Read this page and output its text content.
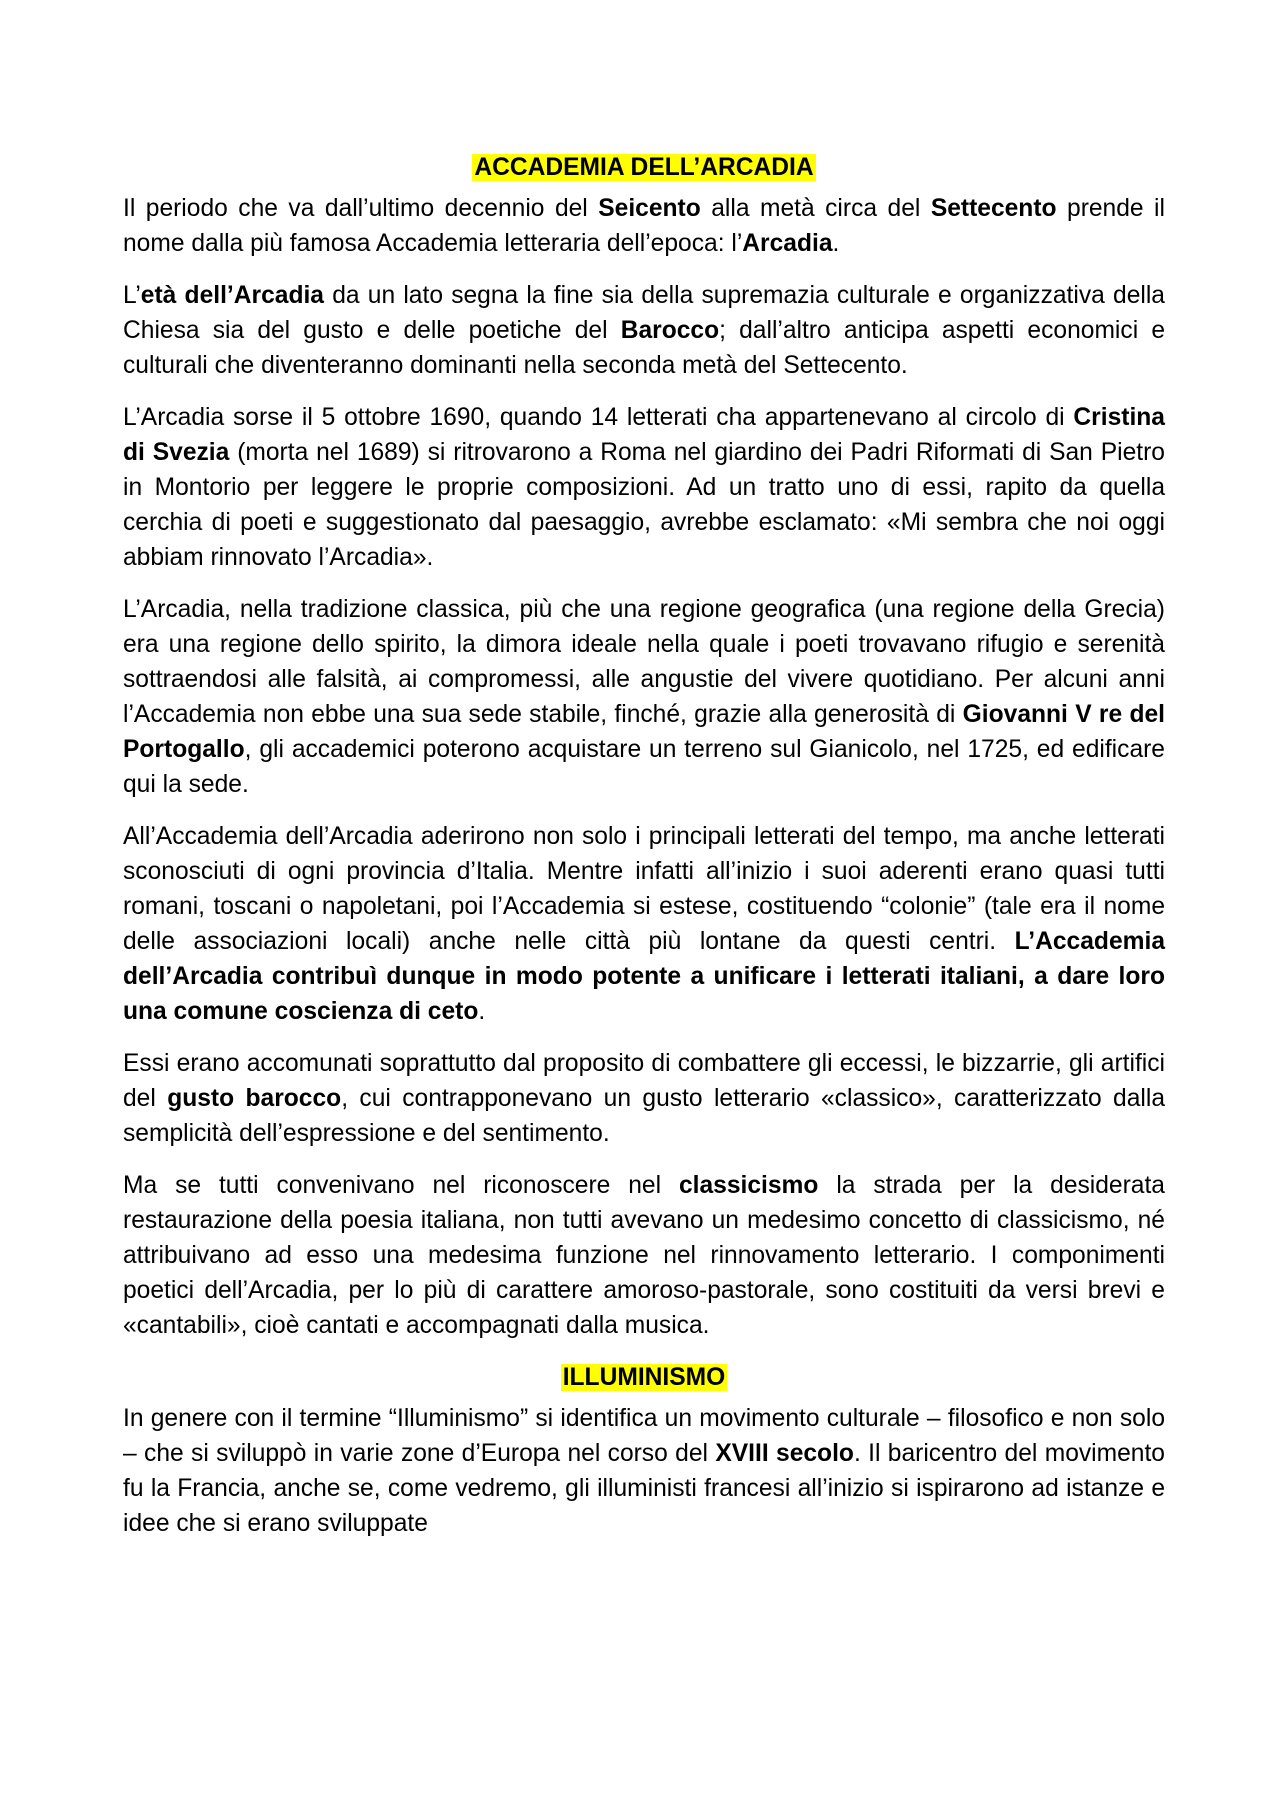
ACCADEMIA DELL’ARCADIA

Il periodo che va dall’ultimo decennio del Seicento alla metà circa del Settecento prende il nome dalla più famosa Accademia letteraria dell’epoca: l’Arcadia.

L’età dell’Arcadia da un lato segna la fine sia della supremazia culturale e organizzativa della Chiesa sia del gusto e delle poetiche del Barocco; dall’altro anticipa aspetti economici e culturali che diventeranno dominanti nella seconda metà del Settecento.

L’Arcadia sorse il 5 ottobre 1690, quando 14 letterati cha appartenevano al circolo di Cristina di Svezia (morta nel 1689) si ritrovarono a Roma nel giardino dei Padri Riformati di San Pietro in Montorio per leggere le proprie composizioni. Ad un tratto uno di essi, rapito da quella cerchia di poeti e suggestionato dal paesaggio, avrebbe esclamato: «Mi sembra che noi oggi abbiam rinnovato l’Arcadia».

L’Arcadia, nella tradizione classica, più che una regione geografica (una regione della Grecia) era una regione dello spirito, la dimora ideale nella quale i poeti trovavano rifugio e serenità sottraendosi alle falsità, ai compromessi, alle angustie del vivere quotidiano. Per alcuni anni l’Accademia non ebbe una sua sede stabile, finché, grazie alla generosità di Giovanni V re del Portogallo, gli accademici poterono acquistare un terreno sul Gianicolo, nel 1725, ed edificare qui la sede.

All’Accademia dell’Arcadia aderirono non solo i principali letterati del tempo, ma anche letterati sconosciuti di ogni provincia d’Italia. Mentre infatti all’inizio i suoi aderenti erano quasi tutti romani, toscani o napoletani, poi l’Accademia si estese, costituendo “colonie” (tale era il nome delle associazioni locali) anche nelle città più lontane da questi centri. L’Accademia dell’Arcadia contribuì dunque in modo potente a unificare i letterati italiani, a dare loro una comune coscienza di ceto.

Essi erano accomunati soprattutto dal proposito di combattere gli eccessi, le bizzarrie, gli artifici del gusto barocco, cui contrapponevano un gusto letterario «classico», caratterizzato dalla semplicità dell’espressione e del sentimento.

Ma se tutti convenivano nel riconoscere nel classicismo la strada per la desiderata restaurazione della poesia italiana, non tutti avevano un medesimo concetto di classicismo, né attribuivano ad esso una medesima funzione nel rinnovamento letterario. I componimenti poetici dell’Arcadia, per lo più di carattere amoroso-pastorale, sono costituiti da versi brevi e «cantabili», cioè cantati e accompagnati dalla musica.

ILLUMINISMO

In genere con il termine “Illuminismo” si identifica un movimento culturale – filosofico e non solo – che si sviluppò in varie zone d’Europa nel corso del XVIII secolo. Il baricentro del movimento fu la Francia, anche se, come vedremo, gli illuministi francesi all’inizio si ispirarono ad istanze e idee che si erano sviluppate
